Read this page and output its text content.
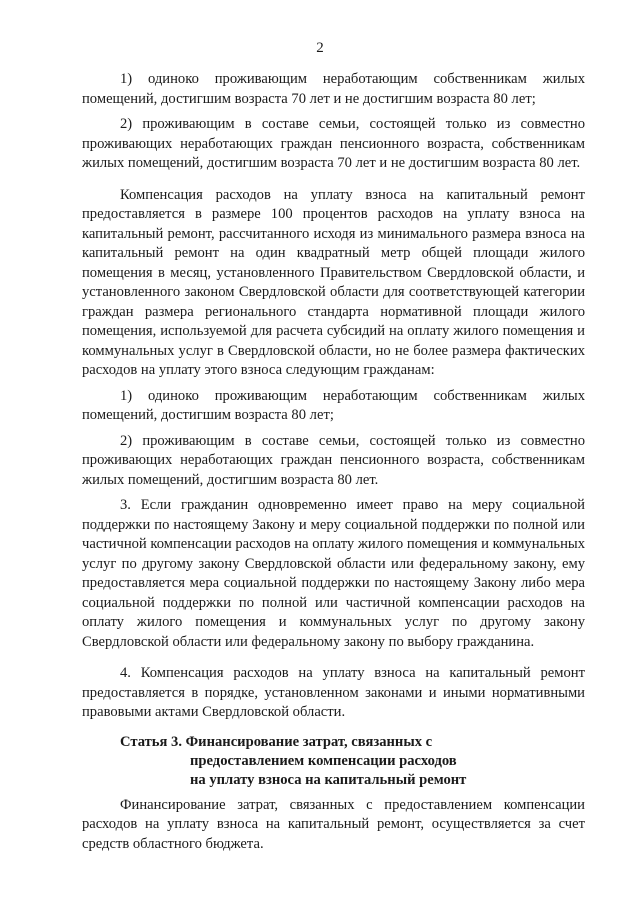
2

1) одиноко проживающим неработающим собственникам жилых помещений, достигшим возраста 70 лет и не достигшим возраста 80 лет;

2) проживающим в составе семьи, состоящей только из совместно проживающих неработающих граждан пенсионного возраста, собственникам жилых помещений, достигшим возраста 70 лет и не достигшим возраста 80 лет.

Компенсация расходов на уплату взноса на капитальный ремонт предоставляется в размере 100 процентов расходов на уплату взноса на капитальный ремонт, рассчитанного исходя из минимального размера взноса на капитальный ремонт на один квадратный метр общей площади жилого помещения в месяц, установленного Правительством Свердловской области, и установленного законом Свердловской области для соответствующей категории граждан размера регионального стандарта нормативной площади жилого помещения, используемой для расчета субсидий на оплату жилого помещения и коммунальных услуг в Свердловской области, но не более размера фактических расходов на уплату этого взноса следующим гражданам:

1) одиноко проживающим неработающим собственникам жилых помещений, достигшим возраста 80 лет;

2) проживающим в составе семьи, состоящей только из совместно проживающих неработающих граждан пенсионного возраста, собственникам жилых помещений, достигшим возраста 80 лет.

3. Если гражданин одновременно имеет право на меру социальной поддержки по настоящему Закону и меру социальной поддержки по полной или частичной компенсации расходов на оплату жилого помещения и коммунальных услуг по другому закону Свердловской области или федеральному закону, ему предоставляется мера социальной поддержки по настоящему Закону либо мера социальной поддержки по полной или частичной компенсации расходов на оплату жилого помещения и коммунальных услуг по другому закону Свердловской области или федеральному закону по выбору гражданина.

4. Компенсация расходов на уплату взноса на капитальный ремонт предоставляется в порядке, установленном законами и иными нормативными правовыми актами Свердловской области.

Статья 3. Финансирование затрат, связанных с
предоставлением компенсации расходов
на уплату взноса на капитальный ремонт

Финансирование затрат, связанных с предоставлением компенсации расходов на уплату взноса на капитальный ремонт, осуществляется за счет средств областного бюджета.
